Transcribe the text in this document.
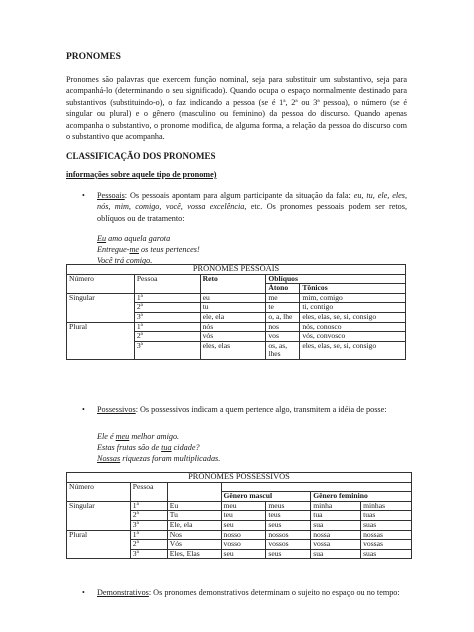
PRONOMES
Pronomes são palavras que exercem função nominal, seja para substituir um substantivo, seja para acompanhá-lo (determinando o seu significado). Quando ocupa o espaço normalmente destinado para substantivos (substituindo-o), o faz indicando a pessoa (se é 1ª, 2ª ou 3ª pessoa), o número (se é singular ou plural) e o gênero (masculino ou feminino) da pessoa do discurso. Quando apenas acompanha o substantivo, o pronome modifica, de alguma forma, a relação da pessoa do discurso com o substantivo que acompanha.
CLASSIFICAÇÃO DOS PRONOMES
informações sobre aquele tipo de pronome)
• Pessoais: Os pessoais apontam para algum participante da situação da fala: eu, tu, ele, eles, nós, mim, comigo, você, vossa excelência, etc. Os pronomes pessoais podem ser retos, oblíquos ou de tratamento:
Eu amo aquela garota
Entregue-me os teus pertences!
Você trá comigo.
PRONOMES PESSOAIS				
Número	Pessoa	Reto	Oblíquos	
			Átono	Tônicos
Singular	1ª	eu	me	mim, comigo
	2ª	tu	te	ti, contigo
	3ª	ele, ela	o, a, lhe	eles, elas, se, si, consigo
Plural	1ª	nós	nos	nós, conosco
	2ª	vós	vos	vós, convosco
	3ª	eles, elas	os, as, lhes	eles, elas, se, si, consigo
• Possessivos: Os possessivos indicam a quem pertence algo, transmitem a idéia de posse:
Ele é meu melhor amigo.
Estas frutas são de tua cidade?
Nossas riquezas foram multiplicadas.
PRONOMES POSSESSIVOS						
Número	Pessoa					
			Gênero mascul		Gênero feminino	
Singular	1ª	Eu	meu	meus	minha	minhas
	2ª	Tu	teu	teus	tua	tuas
	3ª	Ele, ela	seu	seus	sua	suas
Plural	1ª	Nos	nosso	nossos	nossa	nossas
	2ª	Vós	vosso	vossos	vossa	vossas
	3ª	Eles, Elas	seu	seus	sua	suas
• Demonstrativos: Os pronomes demonstrativos determinam o sujeito no espaço ou no tempo:
